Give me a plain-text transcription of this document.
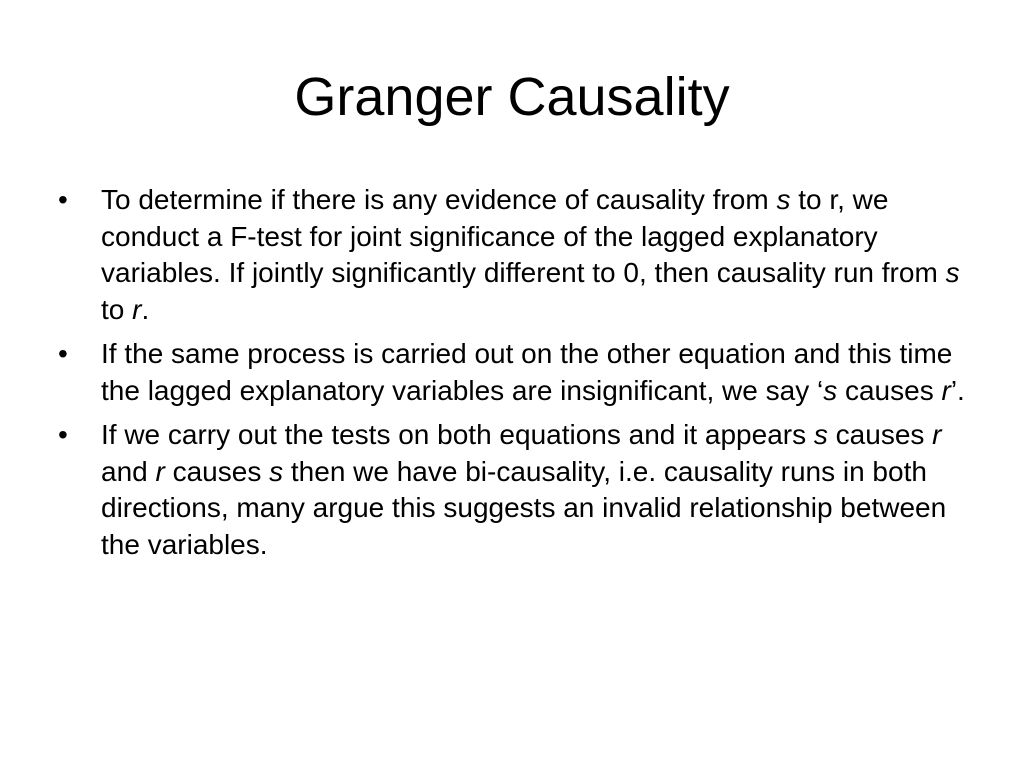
Granger Causality
•	To determine if there is any evidence of causality from s to r, we conduct a F-test for joint significance of the lagged explanatory variables. If jointly significantly different to 0, then causality run from s to r.
•	If the same process is carried out on the other equation and this time the lagged explanatory variables are insignificant, we say ‘s causes r’.
•	If we carry out the tests on both equations and it appears s causes r and r causes s then we have bi-causality, i.e. causality runs in both directions, many argue this suggests an invalid relationship between the variables.
